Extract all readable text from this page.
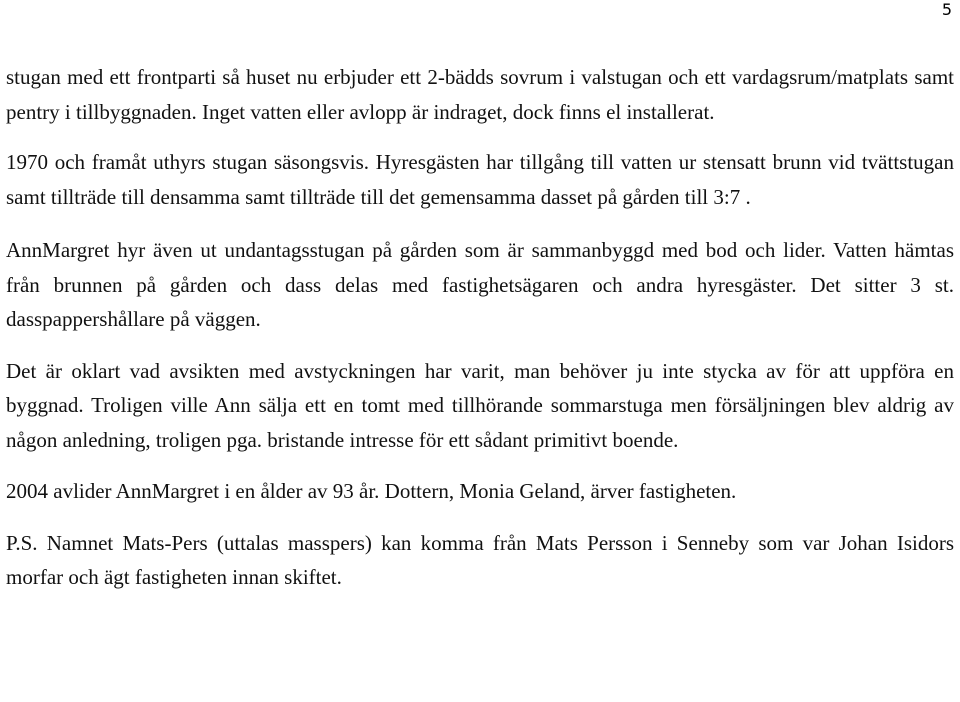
5

stugan med ett frontparti så huset nu erbjuder ett 2-bädds sovrum i valstugan och ett vardagsrum/matplats samt pentry i tillbyggnaden. Inget vatten eller avlopp är indraget, dock finns el installerat.

1970 och framåt uthyrs stugan säsongsvis. Hyresgästen har tillgång till vatten ur stensatt brunn vid tvättstugan samt tillträde till densamma samt tillträde till det gemensamma dasset på gården till 3:7 .

AnnMargret hyr även ut undantagsstugan på gården som är sammanbyggd med bod och lider. Vatten hämtas från brunnen på gården och dass delas med fastighetsägaren och andra hyresgäster. Det sitter 3 st. dasspappershållare på väggen.

Det är oklart vad avsikten med avstyckningen har varit, man behöver ju inte stycka av för att uppföra en byggnad. Troligen ville Ann sälja ett en tomt med tillhörande sommarstuga men försäljningen blev aldrig av någon anledning, troligen pga. bristande intresse för ett sådant primitivt boende.

2004 avlider AnnMargret i en ålder av 93 år. Dottern, Monia Geland, ärver fastigheten.

P.S. Namnet Mats-Pers (uttalas masspers) kan komma från Mats Persson i Senneby som var Johan Isidors morfar och ägt fastigheten innan skiftet.
